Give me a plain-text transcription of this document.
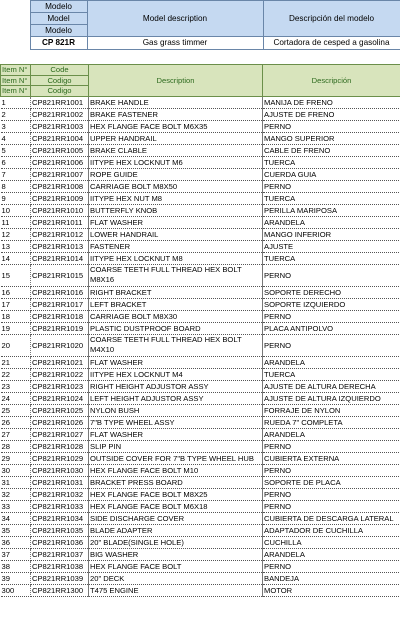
	Modelo	Model description	Descripción del modelo
	Model		
	Modelo		
	CP 821R	Gas grass timmer	Cortadora de cesped a gasolina
Item N°	Code	Description	Descripción
Item N°	Codigo		
Item N°	Codigo		
1	CP821RR1001	BRAKE HANDLE	MANIJA DE FRENO
2	CP821RR1002	BRAKE FASTENER	AJUSTE DE FRENO
3	CP821RR1003	HEX FLANGE FACE BOLT M6X35	PERNO
4	CP821RR1004	UPPER HANDRAIL	MANGO SUPERIOR
5	CP821RR1005	BRAKE CLABLE	CABLE DE FRENO
6	CP821RR1006	IITYPE HEX LOCKNUT M6	TUERCA
7	CP821RR1007	ROPE GUIDE	CUERDA GUIA
8	CP821RR1008	CARRIAGE BOLT M8X50	PERNO
9	CP821RR1009	IITYPE HEX NUT M8	TUERCA
10	CP821RR1010	BUTTERFLY KNOB	PERILLA MARIPOSA
11	CP821RR1011	FLAT WASHER	ARANDELA
12	CP821RR1012	LOWER HANDRAIL	MANGO INFERIOR
13	CP821RR1013	FASTENER	AJUSTE
14	CP821RR1014	IITYPE HEX LOCKNUT M8	TUERCA
15	CP821RR1015	COARSE TEETH FULL THREAD HEX BOLT M8X16	PERNO
16	CP821RR1016	RIGHT BRACKET	SOPORTE DERECHO
17	CP821RR1017	LEFT BRACKET	SOPORTE IZQUIERDO
18	CP821RR1018	CARRIAGE BOLT M8X30	PERNO
19	CP821RR1019	PLASTIC DUSTPROOF BOARD	PLACA ANTIPOLVO
20	CP821RR1020	COARSE TEETH FULL THREAD HEX BOLT M4X10	PERNO
21	CP821RR1021	FLAT WASHER	ARANDELA
22	CP821RR1022	IITYPE HEX LOCKNUT M4	TUERCA
23	CP821RR1023	RIGHT HEIGHT ADJUSTOR ASSY	AJUSTE DE ALTURA DERECHA
24	CP821RR1024	LEFT HEIGHT ADJUSTOR ASSY	AJUSTE DE ALTURA IZQUIERDO
25	CP821RR1025	NYLON BUSH	FORRAJE DE NYLON
26	CP821RR1026	7"B TYPE WHEEL ASSY	RUEDA 7" COMPLETA
27	CP821RR1027	FLAT WASHER	ARANDELA
28	CP821RR1028	SLIP PIN	PERNO
29	CP821RR1029	OUTSIDE COVER FOR 7"B TYPE WHEEL HUB	CUBIERTA EXTERNA
30	CP821RR1030	HEX FLANGE FACE BOLT M10	PERNO
31	CP821RR1031	BRACKET PRESS BOARD	SOPORTE DE PLACA
32	CP821RR1032	HEX FLANGE FACE BOLT M8X25	PERNO
33	CP821RR1033	HEX FLANGE FACE BOLT M6X18	PERNO
34	CP821RR1034	SIDE DISCHARGE COVER	CUBIERTA DE DESCARGA LATERAL
35	CP821RR1035	BLADE ADAPTER	ADAPTADOR DE CUCHILLA
36	CP821RR1036	20" BLADE(SINGLE HOLE)	CUCHILLA
37	CP821RR1037	BIG WASHER	ARANDELA
38	CP821RR1038	HEX FLANGE FACE BOLT	PERNO
39	CP821RR1039	20" DECK	BANDEJA
300	CP821RR1300	T475 ENGINE	MOTOR
